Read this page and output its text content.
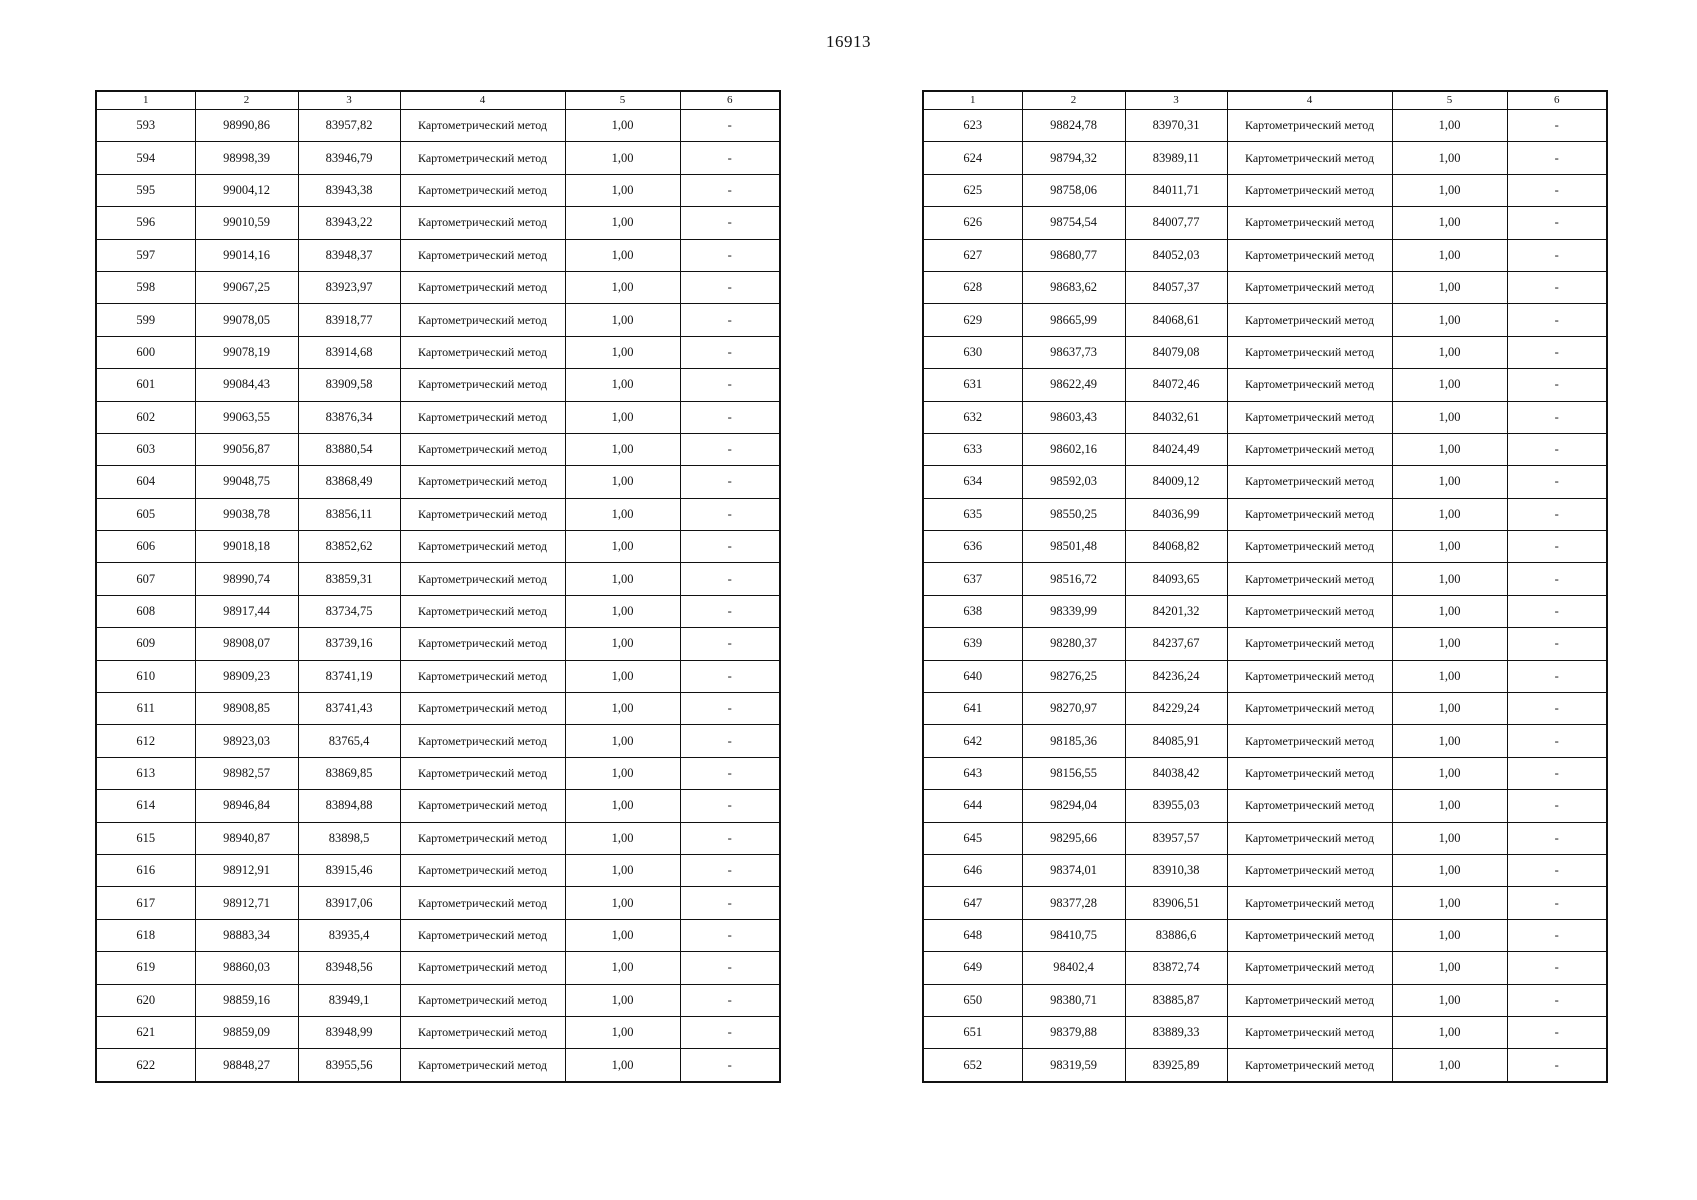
16913
1	2	3	4	5	6
593	98990,86	83957,82	Картометрический метод	1,00	-
594	98998,39	83946,79	Картометрический метод	1,00	-
595	99004,12	83943,38	Картометрический метод	1,00	-
596	99010,59	83943,22	Картометрический метод	1,00	-
597	99014,16	83948,37	Картометрический метод	1,00	-
598	99067,25	83923,97	Картометрический метод	1,00	-
599	99078,05	83918,77	Картометрический метод	1,00	-
600	99078,19	83914,68	Картометрический метод	1,00	-
601	99084,43	83909,58	Картометрический метод	1,00	-
602	99063,55	83876,34	Картометрический метод	1,00	-
603	99056,87	83880,54	Картометрический метод	1,00	-
604	99048,75	83868,49	Картометрический метод	1,00	-
605	99038,78	83856,11	Картометрический метод	1,00	-
606	99018,18	83852,62	Картометрический метод	1,00	-
607	98990,74	83859,31	Картометрический метод	1,00	-
608	98917,44	83734,75	Картометрический метод	1,00	-
609	98908,07	83739,16	Картометрический метод	1,00	-
610	98909,23	83741,19	Картометрический метод	1,00	-
611	98908,85	83741,43	Картометрический метод	1,00	-
612	98923,03	83765,4	Картометрический метод	1,00	-
613	98982,57	83869,85	Картометрический метод	1,00	-
614	98946,84	83894,88	Картометрический метод	1,00	-
615	98940,87	83898,5	Картометрический метод	1,00	-
616	98912,91	83915,46	Картометрический метод	1,00	-
617	98912,71	83917,06	Картометрический метод	1,00	-
618	98883,34	83935,4	Картометрический метод	1,00	-
619	98860,03	83948,56	Картометрический метод	1,00	-
620	98859,16	83949,1	Картометрический метод	1,00	-
621	98859,09	83948,99	Картометрический метод	1,00	-
622	98848,27	83955,56	Картометрический метод	1,00	-
1	2	3	4	5	6
623	98824,78	83970,31	Картометрический метод	1,00	-
624	98794,32	83989,11	Картометрический метод	1,00	-
625	98758,06	84011,71	Картометрический метод	1,00	-
626	98754,54	84007,77	Картометрический метод	1,00	-
627	98680,77	84052,03	Картометрический метод	1,00	-
628	98683,62	84057,37	Картометрический метод	1,00	-
629	98665,99	84068,61	Картометрический метод	1,00	-
630	98637,73	84079,08	Картометрический метод	1,00	-
631	98622,49	84072,46	Картометрический метод	1,00	-
632	98603,43	84032,61	Картометрический метод	1,00	-
633	98602,16	84024,49	Картометрический метод	1,00	-
634	98592,03	84009,12	Картометрический метод	1,00	-
635	98550,25	84036,99	Картометрический метод	1,00	-
636	98501,48	84068,82	Картометрический метод	1,00	-
637	98516,72	84093,65	Картометрический метод	1,00	-
638	98339,99	84201,32	Картометрический метод	1,00	-
639	98280,37	84237,67	Картометрический метод	1,00	-
640	98276,25	84236,24	Картометрический метод	1,00	-
641	98270,97	84229,24	Картометрический метод	1,00	-
642	98185,36	84085,91	Картометрический метод	1,00	-
643	98156,55	84038,42	Картометрический метод	1,00	-
644	98294,04	83955,03	Картометрический метод	1,00	-
645	98295,66	83957,57	Картометрический метод	1,00	-
646	98374,01	83910,38	Картометрический метод	1,00	-
647	98377,28	83906,51	Картометрический метод	1,00	-
648	98410,75	83886,6	Картометрический метод	1,00	-
649	98402,4	83872,74	Картометрический метод	1,00	-
650	98380,71	83885,87	Картометрический метод	1,00	-
651	98379,88	83889,33	Картометрический метод	1,00	-
652	98319,59	83925,89	Картометрический метод	1,00	-
